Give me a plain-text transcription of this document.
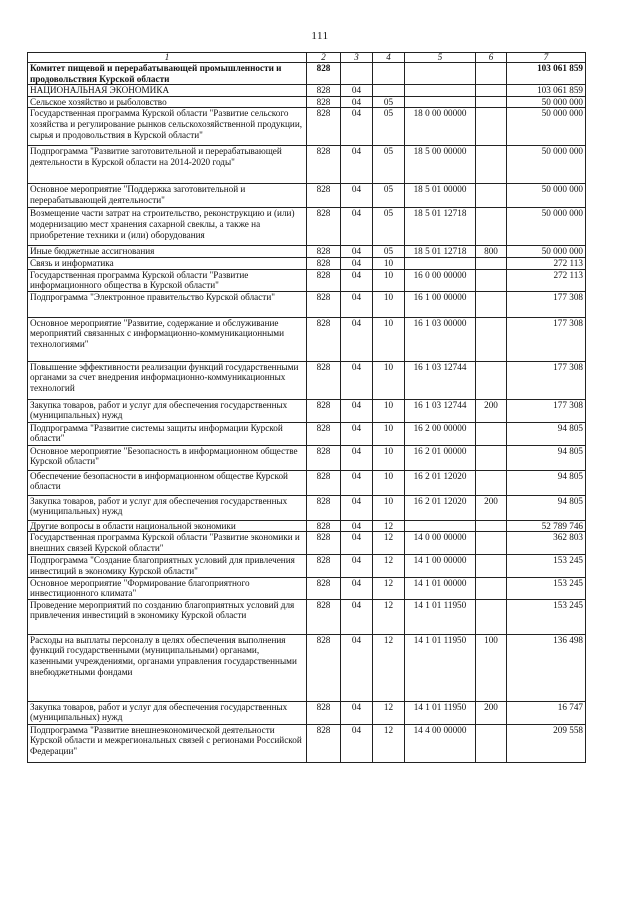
111
1	2	3	4	5	6	7
Комитет пищевой и перерабатывающей промышленности и продовольствия Курской области	828					103 061 859
НАЦИОНАЛЬНАЯ ЭКОНОМИКА	828	04				103 061 859
Сельское хозяйство и рыболовство	828	04	05			50 000 000
Государственная программа Курской области "Развитие сельского хозяйства и регулирование рынков сельскохозяйственной продукции, сырья и продовольствия в Курской области"	828	04	05	18 0 00 00000		50 000 000
Подпрограмма "Развитие заготовительной и перерабатывающей деятельности в Курской области на 2014-2020 годы"	828	04	05	18 5 00 00000		50 000 000
Основное мероприятие "Поддержка заготовительной и перерабатывающей деятельности"	828	04	05	18 5 01 00000		50 000 000
Возмещение части затрат на строительство, реконструкцию и (или) модернизацию мест хранения сахарной свеклы, а также на приобретение техники и (или) оборудования	828	04	05	18 5 01 12718		50 000 000
Иные бюджетные ассигнования	828	04	05	18 5 01 12718	800	50 000 000
Связь и информатика	828	04	10			272 113
Государственная программа Курской области "Развитие информационного общества в Курской области"	828	04	10	16 0 00 00000		272 113
Подпрограмма "Электронное правительство Курской области"	828	04	10	16 1 00 00000		177 308
Основное мероприятие "Развитие, содержание и обслуживание мероприятий связанных с информационно-коммуникационными технологиями"	828	04	10	16 1 03 00000		177 308
Повышение эффективности реализации функций государственными органами за счет внедрения информационно-коммуникационных технологий	828	04	10	16 1 03 12744		177 308
Закупка товаров, работ и услуг для обеспечения государственных (муниципальных) нужд	828	04	10	16 1 03 12744	200	177 308
Подпрограмма "Развитие системы защиты информации Курской области"	828	04	10	16 2 00 00000		94 805
Основное мероприятие "Безопасность в информационном обществе Курской области"	828	04	10	16 2 01 00000		94 805
Обеспечение безопасности в информационном обществе Курской области	828	04	10	16 2 01 12020		94 805
Закупка товаров, работ и услуг для обеспечения государственных (муниципальных) нужд	828	04	10	16 2 01 12020	200	94 805
Другие вопросы в области национальной экономики	828	04	12			52 789 746
Государственная программа Курской области "Развитие экономики и внешних связей Курской области"	828	04	12	14 0 00 00000		362 803
Подпрограмма "Создание благоприятных условий для привлечения инвестиций в экономику Курской области"	828	04	12	14 1 00 00000		153 245
Основное мероприятие "Формирование благоприятного инвестиционного климата"	828	04	12	14 1 01 00000		153 245
Проведение мероприятий по созданию благоприятных условий для привлечения инвестиций в экономику Курской области	828	04	12	14 1 01 11950		153 245
Расходы на выплаты персоналу в целях обеспечения выполнения функций государственными (муниципальными) органами, казенными учреждениями, органами управления государственными внебюджетными фондами	828	04	12	14 1 01 11950	100	136 498
Закупка товаров, работ и услуг для обеспечения государственных (муниципальных) нужд	828	04	12	14 1 01 11950	200	16 747
Подпрограмма "Развитие внешнеэкономической деятельности Курской области и межрегиональных связей с регионами Российской Федерации"	828	04	12	14 4 00 00000		209 558
